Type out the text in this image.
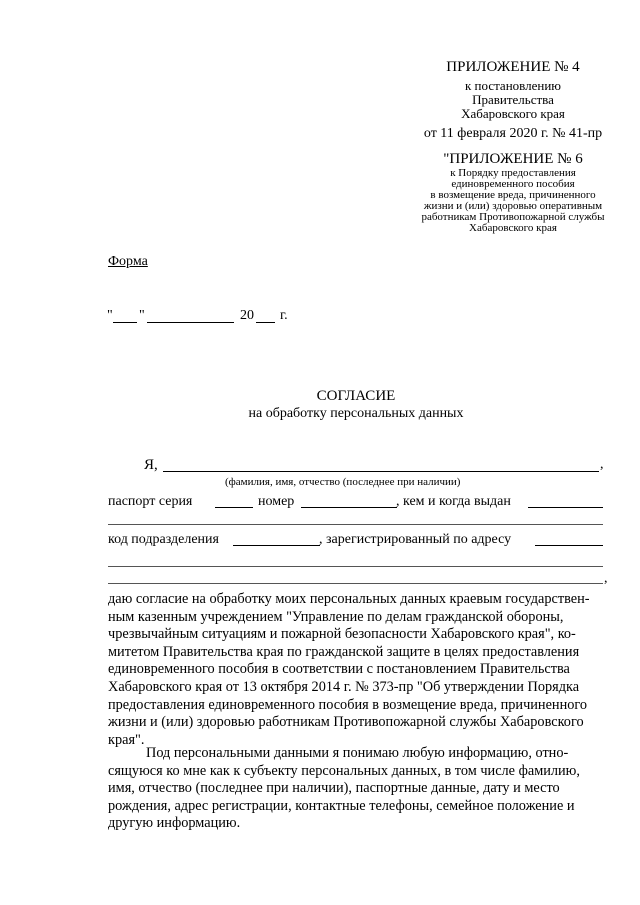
ПРИЛОЖЕНИЕ № 4
к постановлению
Правительства
Хабаровского края
от 11 февраля 2020 г. № 41-пр
"ПРИЛОЖЕНИЕ № 6
к Порядку предоставления
единовременного пособия
в возмещение вреда, причиненного
жизни и (или) здоровью оперативным
работникам Противопожарной службы
Хабаровского края
Форма
" "	20 г.
СОГЛАСИЕ
на обработку персональных данных
Я,	,
(фамилия, имя, отчество (последнее при наличии)
паспорт серия	номер	, кем и когда выдан
код подразделения	, зарегистрированный по адресу
,

даю согласие на обработку моих персональных данных краевым государствен-

ным казенным учреждением "Управление по делам гражданской обороны,

чрезвычайным ситуациям и пожарной безопасности Хабаровского края", ко-

митетом Правительства края по гражданской защите в целях предоставления

единовременного пособия в соответствии с постановлением Правительства

Хабаровского края от 13 октября 2014 г. № 373-пр "Об утверждении Порядка

предоставления единовременного пособия в возмещение вреда, причиненного

жизни и (или) здоровью работникам Противопожарной службы Хабаровского

края".

Под персональными данными я понимаю любую информацию, отно-

сящуюся ко мне как к субъекту персональных данных, в том числе фамилию,

имя, отчество (последнее при наличии), паспортные данные, дату и место

рождения, адрес регистрации, контактные телефоны, семейное положение и

другую информацию.
